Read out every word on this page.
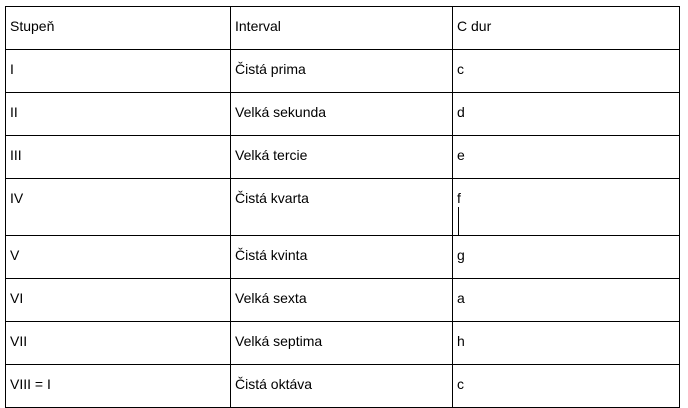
Stupeň	Interval	C dur

I	Čistá prima	c

II	Velká sekunda	d

III	Velká tercie	e

IV	Čistá kvarta	f

V	Čistá kvinta	g

VI	Velká sexta	a

VII	Velká septima	h

VIII = I	Čistá oktáva	c
